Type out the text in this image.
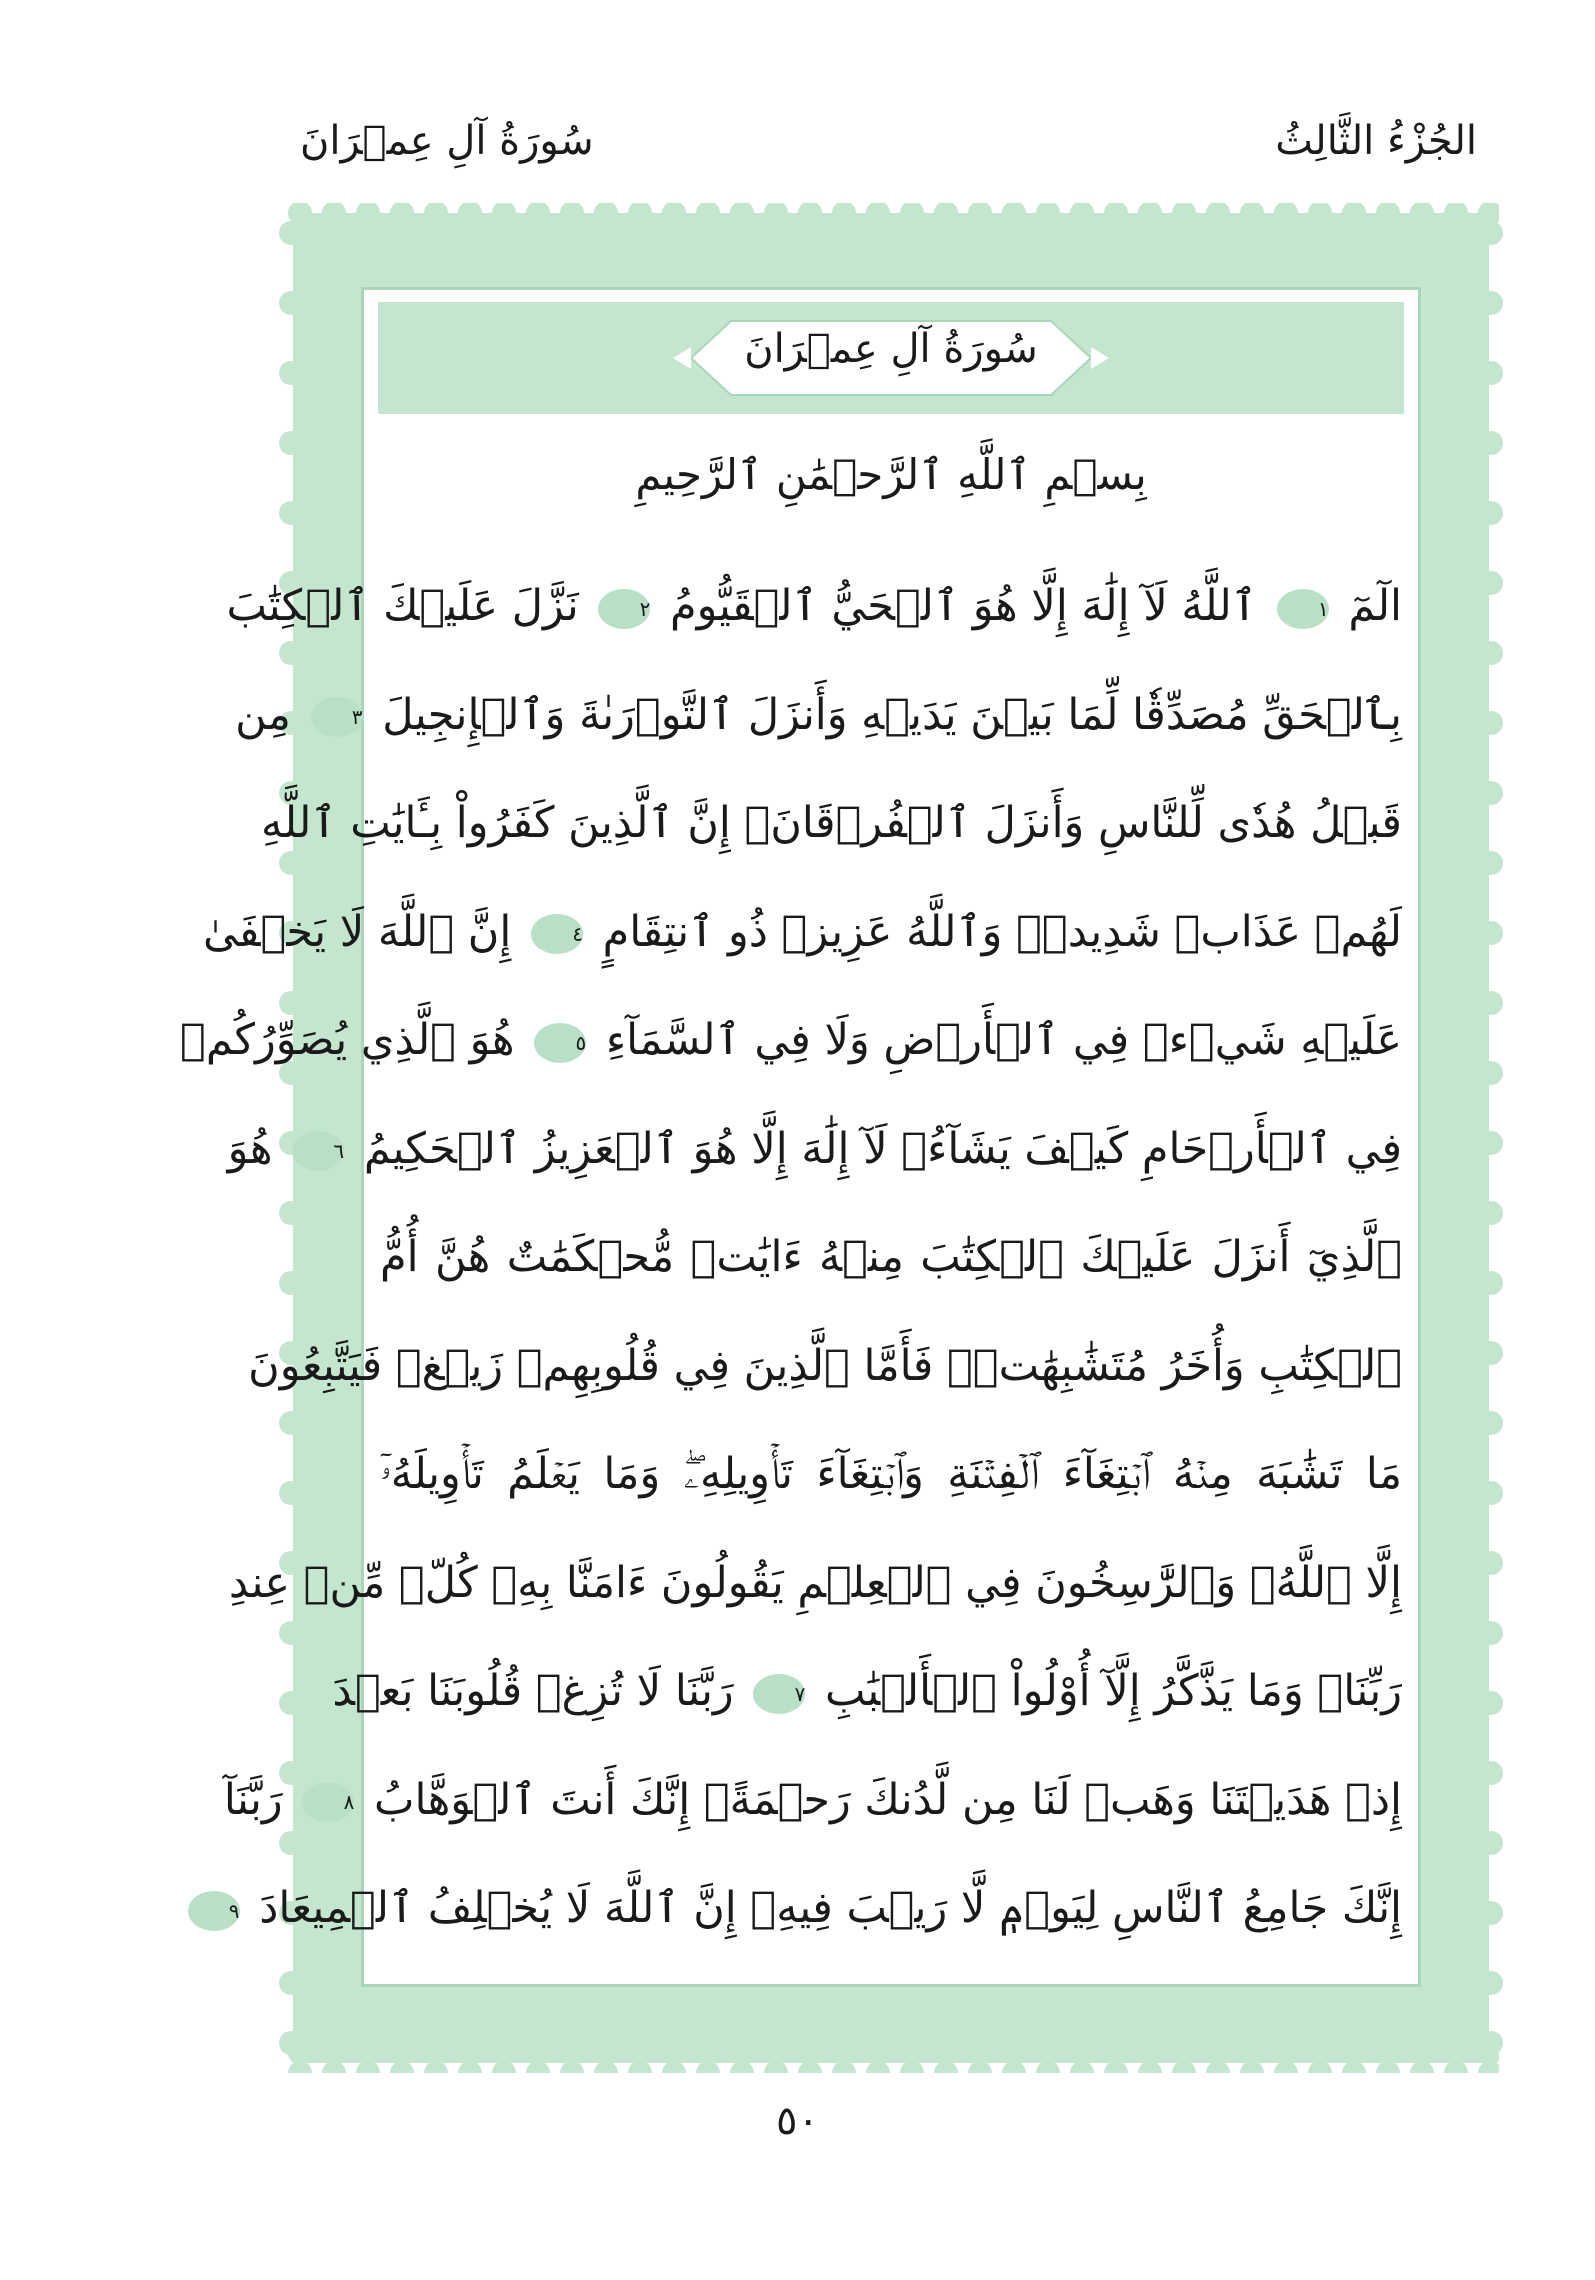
الجُزْءُ الثَّالِثُ
سُورَةُ آلِ عِمۡرَانَ
سُورَةُ آلِ عِمۡرَانَ
بِسۡمِ ٱللَّهِ ٱلرَّحۡمَٰنِ ٱلرَّحِيمِ
الٓمٓ ١ ٱللَّهُ لَآ إِلَٰهَ إِلَّا هُوَ ٱلۡحَيُّ ٱلۡقَيُّومُ ٢ نَزَّلَ عَلَيۡكَ ٱلۡكِتَٰبَ
بِٱلۡحَقِّ مُصَدِّقٗا لِّمَا بَيۡنَ يَدَيۡهِ وَأَنزَلَ ٱلتَّوۡرَىٰةَ وَٱلۡإِنجِيلَ ٣ مِن
قَبۡلُ هُدٗى لِّلنَّاسِ وَأَنزَلَ ٱلۡفُرۡقَانَۗ إِنَّ ٱلَّذِينَ كَفَرُواْ بِـَٔايَٰتِ ٱللَّهِ
لَهُمۡ عَذَابٞ شَدِيدٞۗ وَٱللَّهُ عَزِيزٞ ذُو ٱنتِقَامٍ ٤ إِنَّ ٱللَّهَ لَا يَخۡفَىٰ
عَلَيۡهِ شَيۡءٞ فِي ٱلۡأَرۡضِ وَلَا فِي ٱلسَّمَآءِ ٥ هُوَ ٱلَّذِي يُصَوِّرُكُمۡ
فِي ٱلۡأَرۡحَامِ كَيۡفَ يَشَآءُۚ لَآ إِلَٰهَ إِلَّا هُوَ ٱلۡعَزِيزُ ٱلۡحَكِيمُ ٦ هُوَ
ٱلَّذِيٓ أَنزَلَ عَلَيۡكَ ٱلۡكِتَٰبَ مِنۡهُ ءَايَٰتٞ مُّحۡكَمَٰتٌ هُنَّ أُمُّ
ٱلۡكِتَٰبِ وَأُخَرُ مُتَشَٰبِهَٰتٞۖ فَأَمَّا ٱلَّذِينَ فِي قُلُوبِهِمۡ زَيۡغٞ فَيَتَّبِعُونَ
مَا تَشَٰبَهَ مِنۡهُ ٱبۡتِغَآءَ ٱلۡفِتۡنَةِ وَٱبۡتِغَآءَ تَأۡوِيلِهِۦۖ وَمَا يَعۡلَمُ تَأۡوِيلَهُۥٓ
إِلَّا ٱللَّهُۗ وَٱلرَّٰسِخُونَ فِي ٱلۡعِلۡمِ يَقُولُونَ ءَامَنَّا بِهِۦ كُلّٞ مِّنۡ عِندِ
رَبِّنَاۗ وَمَا يَذَّكَّرُ إِلَّآ أُوْلُواْ ٱلۡأَلۡبَٰبِ ٧ رَبَّنَا لَا تُزِغۡ قُلُوبَنَا بَعۡدَ
إِذۡ هَدَيۡتَنَا وَهَبۡ لَنَا مِن لَّدُنكَ رَحۡمَةًۚ إِنَّكَ أَنتَ ٱلۡوَهَّابُ ٨ رَبَّنَآ
إِنَّكَ جَامِعُ ٱلنَّاسِ لِيَوۡمٖ لَّا رَيۡبَ فِيهِۚ إِنَّ ٱللَّهَ لَا يُخۡلِفُ ٱلۡمِيعَادَ ٩
٥٠
